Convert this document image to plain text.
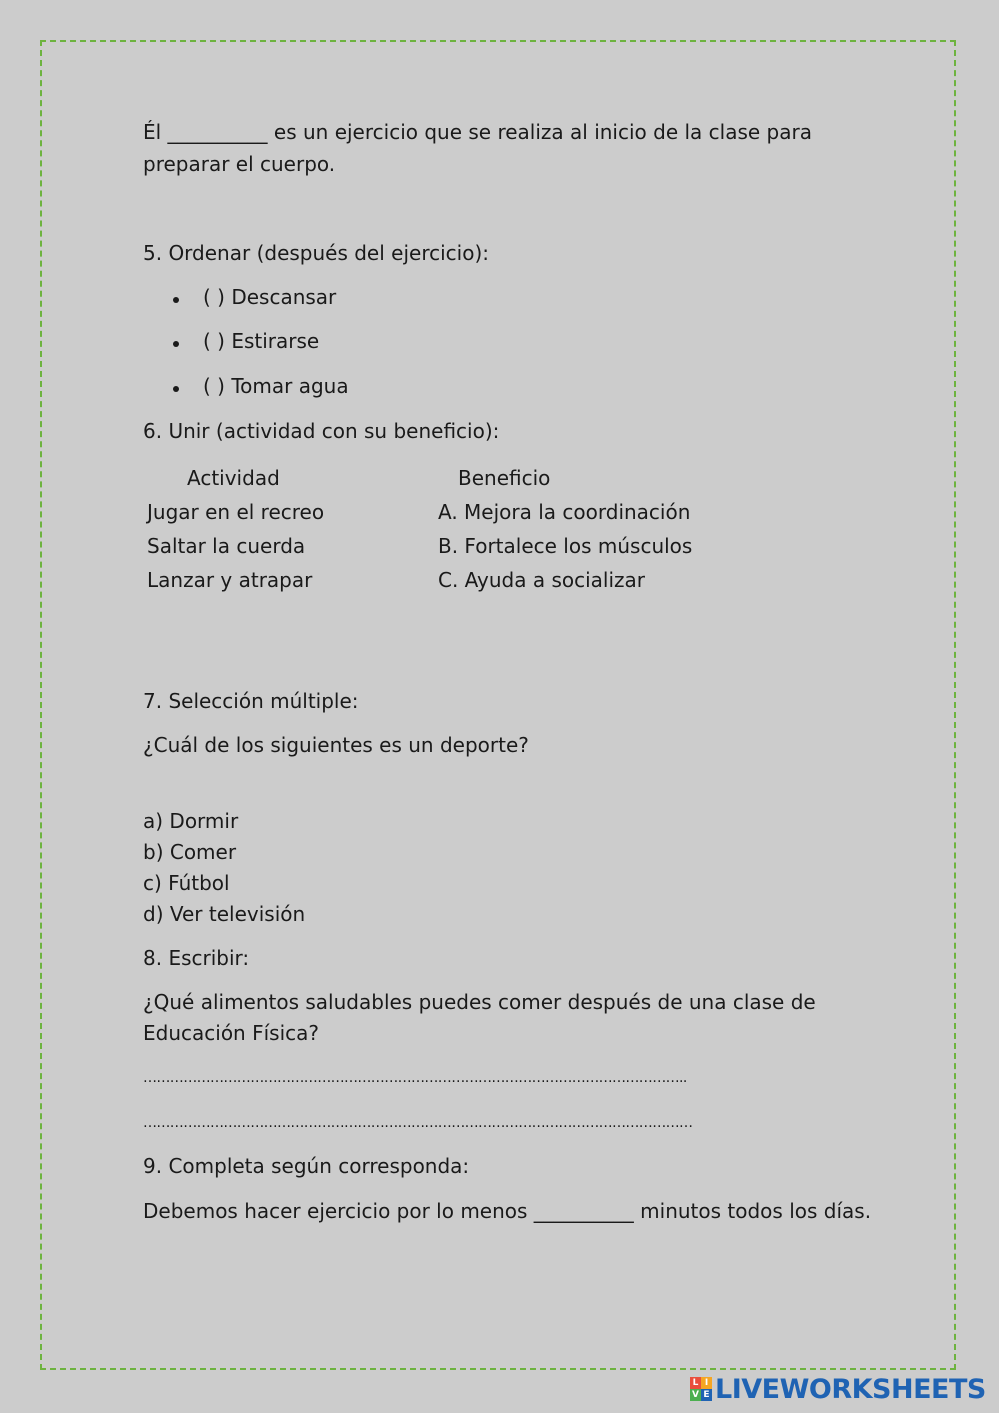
Él __________ es un ejercicio que se realiza al inicio de la clase para

preparar el cuerpo.

5. Ordenar (después del ejercicio):

( ) Descansar

( ) Estirarse

( ) Tomar agua

6. Unir (actividad con su beneficio):

Actividad	Beneficio

Jugar en el recreo	A. Mejora la coordinación

Saltar la cuerda	B. Fortalece los músculos

Lanzar y atrapar	C. Ayuda a socializar

7. Selección múltiple:

¿Cuál de los siguientes es un deporte?

a) Dormir

b) Comer

c) Fútbol

d) Ver televisión

8. Escribir:

¿Qué alimentos saludables puedes comer después de una clase de

Educación Física?

…………………………………………………………………………………………………………..

……………………………………………………………………………………………………………

9. Completa según corresponda:

Debemos hacer ejercicio por lo menos __________ minutos todos los días.

L I
V E LIVEWORKSHEETS
